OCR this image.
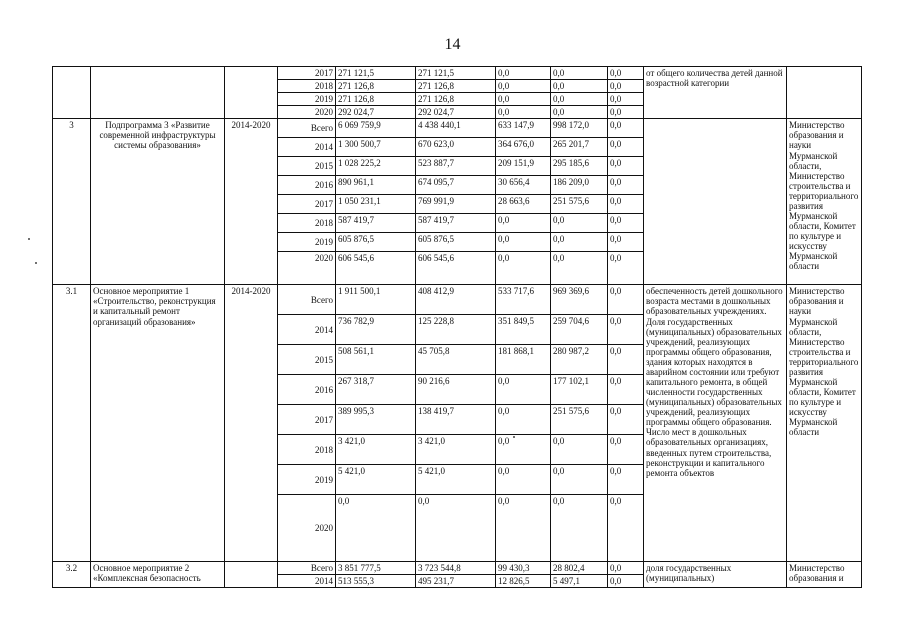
14
			2017	271 121,5	271 121,5	0,0	0,0	0,0	от общего количества детей данной возрастной категории	
			2018	271 126,8	271 126,8	0,0	0,0	0,0		
			2019	271 126,8	271 126,8	0,0	0,0	0,0		
			2020	292 024,7	292 024,7	0,0	0,0	0,0		
3	Подпрограмма 3 «Развитие современной инфраструктуры системы образования»	2014-2020	Всего	6 069 759,9	4 438 440,1	633 147,9	998 172,0	0,0		Министерство образования и науки Мурманской области, Министерство строительства и территориального развития Мурманской области, Комитет по культуре и искусству Мурманской области
			2014	1 300 500,7	670 623,0	364 676,0	265 201,7	0,0		
			2015	1 028 225,2	523 887,7	209 151,9	295 185,6	0,0		
			2016	890 961,1	674 095,7	30 656,4	186 209,0	0,0		
			2017	1 050 231,1	769 991,9	28 663,6	251 575,6	0,0		
			2018	587 419,7	587 419,7	0,0	0,0	0,0		
			2019	605 876,5	605 876,5	0,0	0,0	0,0		
			2020	606 545,6	606 545,6	0,0	0,0	0,0		
3.1	Основное мероприятие 1 «Строительство, реконструкция и капитальный ремонт организаций образования»	2014-2020	Всего	1 911 500,1	408 412,9	533 717,6	969 369,6	0,0	обеспеченность детей дошкольного возраста местами в дошкольных образовательных учреждениях. Доля государственных (муниципальных) образовательных учреждений, реализующих программы общего образования, здания которых находятся в аварийном состоянии или требуют капитального ремонта, в общей численности государственных (муниципальных) образовательных учреждений, реализующих программы общего образования. Число мест в дошкольных образовательных организациях, введенных путем строительства, реконструкции и капитального ремонта объектов	Министерство образования и науки Мурманской области, Министерство строительства и территориального развития Мурманской области, Комитет по культуре и искусству Мурманской области
			2014	736 782,9	125 228,8	351 849,5	259 704,6	0,0		
			2015	508 561,1	45 705,8	181 868,1	280 987,2	0,0		
			2016	267 318,7	90 216,6	0,0	177 102,1	0,0		
			2017	389 995,3	138 419,7	0,0	251 575,6	0,0		
			2018	3 421,0	3 421,0	0,0	0,0	0,0		
			2019	5 421,0	5 421,0	0,0	0,0	0,0		
			2020	0,0	0,0	0,0	0,0	0,0		
3.2	Основное мероприятие 2 «Комплексная безопасность		Всего	3 851 777,5	3 723 544,8	99 430,3	28 802,4	0,0	доля государственных (муниципальных)	Министерство образования и
			2014	513 555,3	495 231,7	12 826,5	5 497,1	0,0		
